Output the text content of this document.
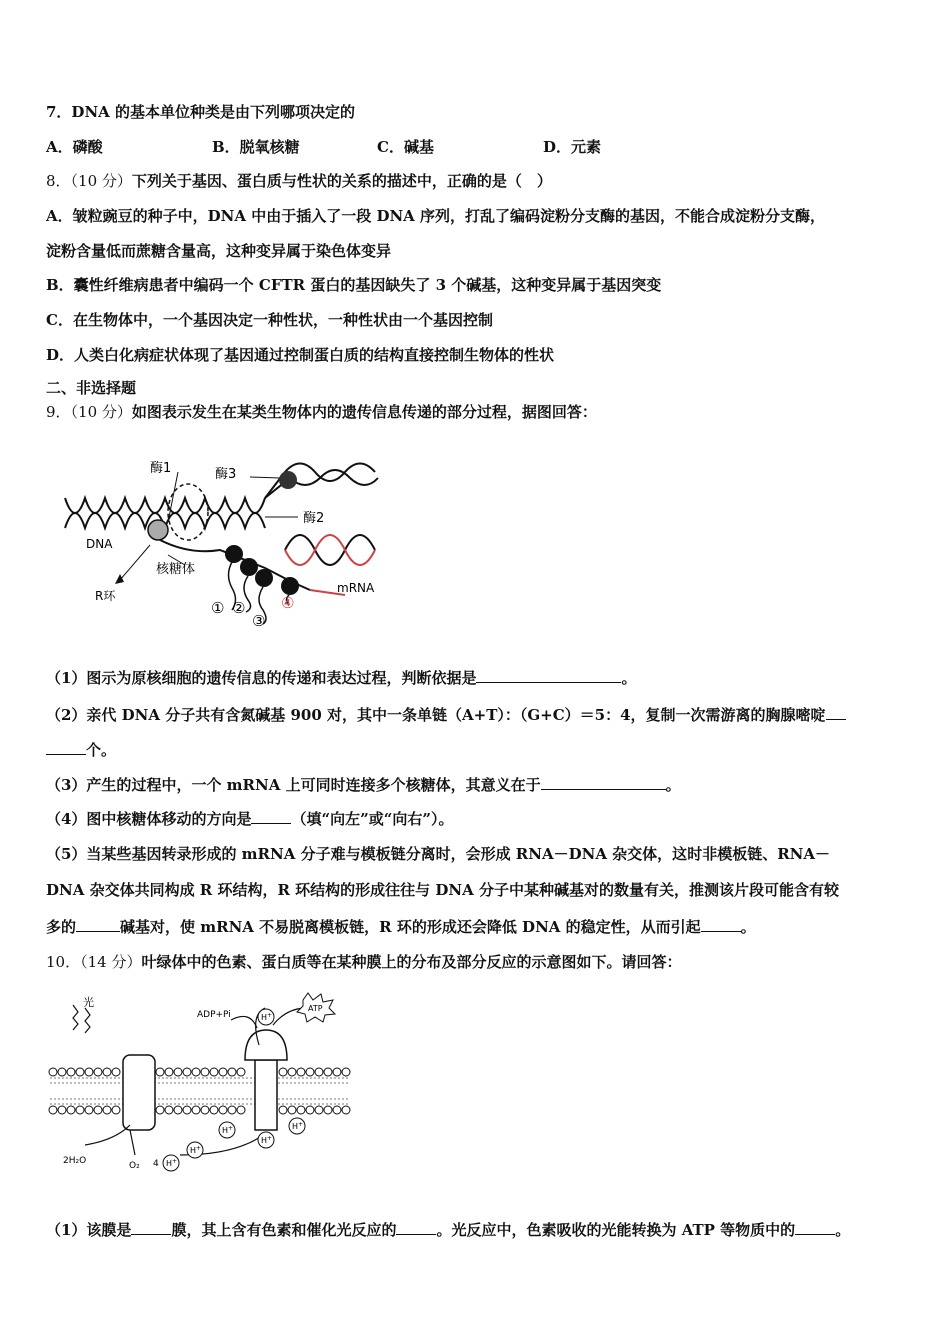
7．DNA 的基本单位种类是由下列哪项决定的
A．磷酸	B．脱氧核糖	C．碱基	D．元素
8．（10 分）下列关于基因、蛋白质与性状的关系的描述中，正确的是（　）
A．皱粒豌豆的种子中，DNA 中由于插入了一段 DNA 序列，打乱了编码淀粉分支酶的基因，不能合成淀粉分支酶，
淀粉含量低而蔗糖含量高，这种变异属于染色体变异
B．囊性纤维病患者中编码一个 CFTR 蛋白的基因缺失了 3 个碱基，这种变异属于基因突变
C．在生物体中，一个基因决定一种性状，一种性状由一个基因控制
D．人类白化病症状体现了基因通过控制蛋白质的结构直接控制生物体的性状
二、非选择题
9．（10 分）如图表示发生在某类生物体内的遗传信息传递的部分过程，据图回答：
酶1	酶3
酶2
DNA
核糖体
R环
mRNA
① ②
③
④
（1）图示为原核细胞的遗传信息的传递和表达过程，判断依据是	。
（2）亲代 DNA 分子共有含氮碱基 900 对，其中一条单链（A+T）：（G+C）＝5：4，复制一次需游离的胸腺嘧啶
个。
（3）产生的过程中，一个 mRNA 上可同时连接多个核糖体，其意义在于	。
（4）图中核糖体移动的方向是	（填“向左”或“向右”）。
（5）当某些基因转录形成的 mRNA 分子难与模板链分离时，会形成 RNA－DNA 杂交体，这时非模板链、RNA－
DNA 杂交体共同构成 R 环结构，R 环结构的形成往往与 DNA 分子中某种碱基对的数量有关，推测该片段可能含有较
多的	碱基对，使 mRNA 不易脱离模板链，R 环的形成还会降低 DNA 的稳定性，从而引起	。
10．（14 分）叶绿体中的色素、蛋白质等在某种膜上的分布及部分反应的示意图如下。请回答：
光
ADP+Pi
ATP
H+
H+
H+
H+
H+
H+
2H₂O	O₂ 4
（1）该膜是	膜，其上含有色素和催化光反应的	。光反应中，色素吸收的光能转换为 ATP 等物质中的	。
